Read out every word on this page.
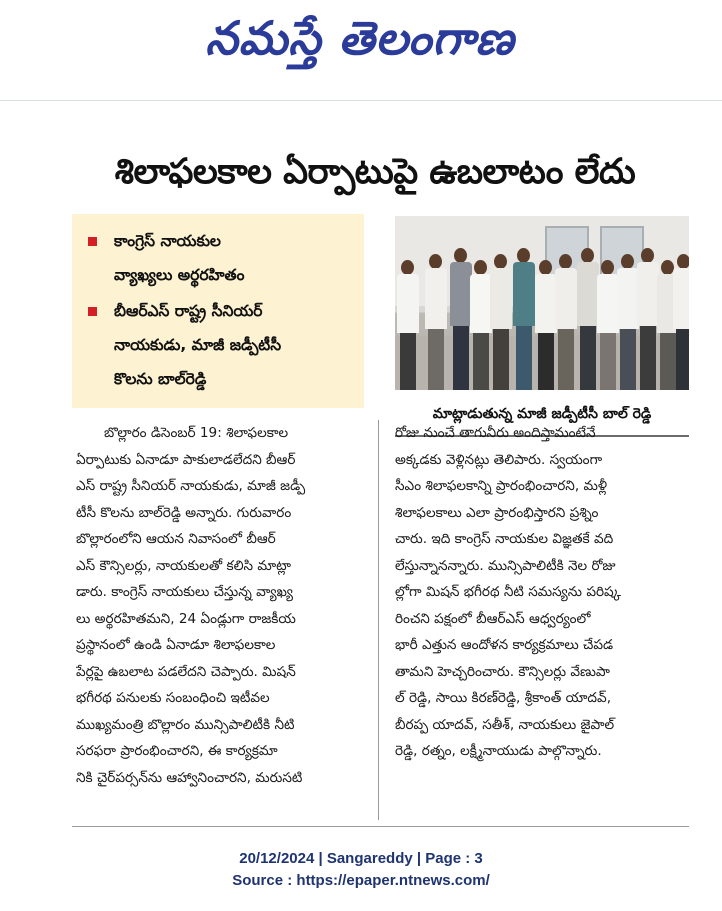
నమస్తే తెలంగాణ
శిలాఫలకాల ఏర్పాటుపై ఉబలాటం లేదు
కాంగ్రెస్ నాయకుల
వ్యాఖ్యలు అర్థరహితం
బీఆర్ఎస్ రాష్ట్ర సీనియర్
నాయకుడు, మాజీ జడ్పీటీసీ
కొలను బాల్‌రెడ్డి
మాట్లాడుతున్న మాజీ జడ్పీటీసీ బాల్ రెడ్డి
బొల్లారం డిసెంబర్ 19: శిలాఫలకాల
ఏర్పాటుకు ఏనాడూ పాకులాడలేదని బీఆర్
ఎస్ రాష్ట్ర సీనియర్ నాయకుడు, మాజీ జడ్పీ
టీసీ కొలను బాల్‌రెడ్డి అన్నారు. గురువారం
బొల్లారంలోని ఆయన నివాసంలో బీఆర్
ఎస్ కౌన్సిలర్లు, నాయకులతో కలిసి మాట్లా
డారు. కాంగ్రెస్ నాయకులు చేస్తున్న వ్యాఖ్య
లు అర్థరహితమని, 24 ఏండ్లుగా రాజకీయ
ప్రస్థానంలో ఉండి ఏనాడూ శిలాఫలకాల
పేర్లపై ఉబలాట పడలేదని చెప్పారు. మిషన్
భగీరథ పనులకు సంబంధించి ఇటీవల
ముఖ్యమంత్రి బొల్లారం మున్సిపాలిటీకి నీటి
సరఫరా ప్రారంభించారని, ఈ కార్యక్రమా
నికి చైర్‌పర్సన్‌ను ఆహ్వానించారని, మరుసటి
రోజు నుంచే తాగునీరు అందిస్తామంటేనే
అక్కడకు వెళ్లినట్లు తెలిపారు. స్వయంగా
సీఎం శిలాఫలకాన్ని ప్రారంభించారని, మళ్లీ
శిలాఫలకాలు ఎలా ప్రారంభిస్తారని ప్రశ్నిం
చారు. ఇది కాంగ్రెస్ నాయకుల విజ్ఞతకే వది
లేస్తున్నానన్నారు. మున్సిపాలిటీకి నెల రోజు
ల్లోగా మిషన్ భగీరథ నీటి సమస్యను పరిష్క
రించని పక్షంలో బీఆర్ఎస్ ఆధ్వర్యంలో
భారీ ఎత్తున ఆందోళన కార్యక్రమాలు చేపడ
తామని హెచ్చరించారు. కౌన్సిలర్లు వేణుపా
ల్ రెడ్డి, సాయి కిరణ్‌రెడ్డి, శ్రీకాంత్ యాదవ్,
బీరప్ప యాదవ్, సతీశ్, నాయకులు జైపాల్
రెడ్డి, రత్నం, లక్ష్మీనాయుడు పాల్గొన్నారు.
20/12/2024 | Sangareddy | Page : 3
Source : https://epaper.ntnews.com/
